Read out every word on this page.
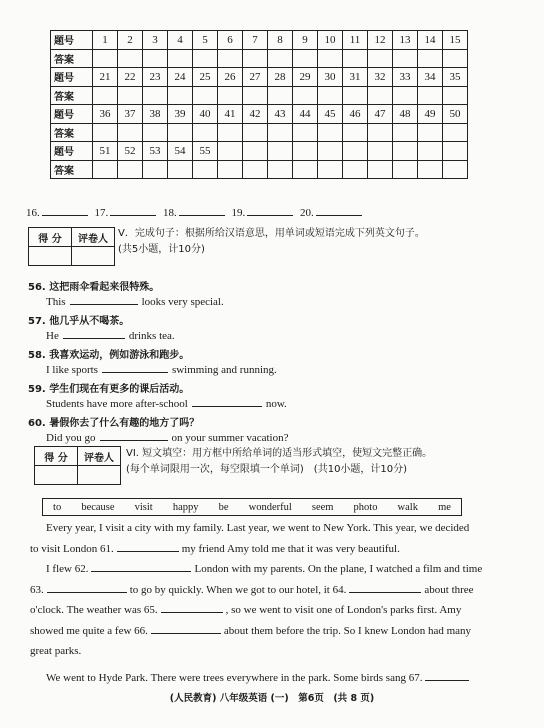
题号	1	2	3	4	5	6	7	8	9	10	11	12	13	14	15
答案															
题号	21	22	23	24	25	26	27	28	29	30	31	32	33	34	35
答案															
题号	36	37	38	39	40	41	42	43	44	45	46	47	48	49	50
答案															
题号	51	52	53	54	55										
答案															
16.	17.	18.	19.	20.
得 分	评卷人
	V．完成句子：根据所给汉语意思，用单词或短语完成下列英文句子。
(共5小题，计10分)
56. 这把雨伞看起来很特殊。
This	looks very special.
57. 他几乎从不喝茶。
He	drinks tea.
58. 我喜欢运动，例如游泳和跑步。
I like sports	swimming and running.
59. 学生们现在有更多的课后活动。
Students have more after-school	now.
60. 暑假你去了什么有趣的地方了吗？
Did you go	on your summer vacation?
得 分	评卷人
	VI. 短文填空：用方框中所给单词的适当形式填空，使短文完整正确。
(每个单词限用一次，每空限填一个单词)　(共10小题，计10分)
to because visit happy be wonderful seem photo walk me
Every year, I visit a city with my family. Last year, we went to New York. This year, we decided
to visit London 61.	my friend Amy told me that it was very beautiful.
I flew 62.	London with my parents. On the plane, I watched a film and time
63.	to go by quickly. When we got to our hotel, it 64.	about three
o'clock. The weather was 65.	, so we went to visit one of London's parks first. Amy
showed me quite a few 66.	about them before the trip. So I knew London had many
great parks.
We went to Hyde Park. There were trees everywhere in the park. Some birds sang 67.
(人民教育) 八年级英语 (一)　第6页　(共 8 页)
